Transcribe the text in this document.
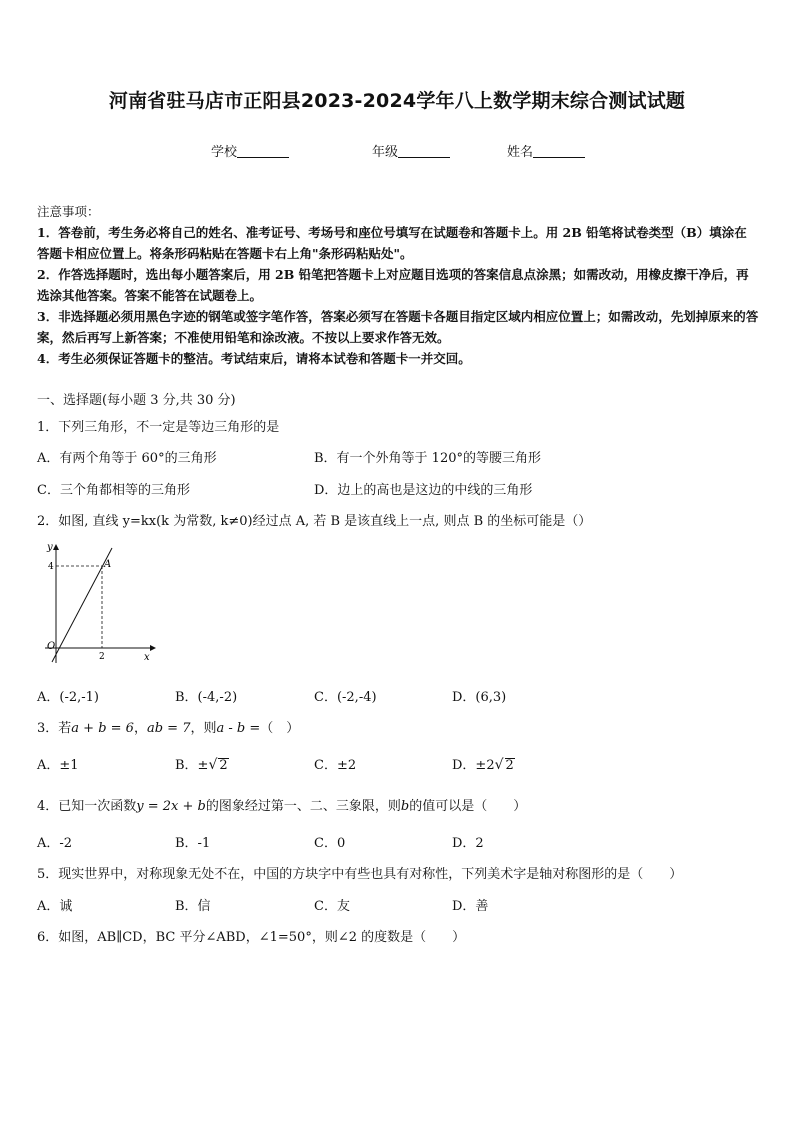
河南省驻马店市正阳县2023-2024学年八上数学期末综合测试试题
学校	年级	姓名

注意事项：

1．答卷前，考生务必将自己的姓名、准考证号、考场号和座位号填写在试题卷和答题卡上。用 2B 铅笔将试卷类型（B）填涂在答题卡相应位置上。将条形码粘贴在答题卡右上角"条形码粘贴处"。

2．作答选择题时，选出每小题答案后，用 2B 铅笔把答题卡上对应题目选项的答案信息点涂黑；如需改动，用橡皮擦干净后，再选涂其他答案。答案不能答在试题卷上。

3．非选择题必须用黑色字迹的钢笔或签字笔作答，答案必须写在答题卡各题目指定区域内相应位置上；如需改动，先划掉原来的答案，然后再写上新答案；不准使用铅笔和涂改液。不按以上要求作答无效。

4．考生必须保证答题卡的整洁。考试结束后，请将本试卷和答题卡一并交回。

一、选择题(每小题 3 分,共 30 分)
1．下列三角形，不一定是等边三角形的是
A．有两个角等于 60°的三角形	B．有一个外角等于 120°的等腰三角形
C．三个角都相等的三角形	D．边上的高也是这边的中线的三角形
2．如图, 直线 y=kx(k 为常数, k≠0)经过点 A, 若 B 是该直线上一点, 则点 B 的坐标可能是（）
y
x
O
A
4
2
A．(-2,-1)	B．(-4,-2)	C．(-2,-4)	D．(6,3)
3．若a + b = 6，ab = 7，则a - b =（　）
A．±1	B．±√ 2	C．±2	D．±2√ 2
4．已知一次函数y = 2x + b的图象经过第一、二、三象限，则b的值可以是（　　）
A．-2	B．-1	C．0	D．2
5．现实世界中，对称现象无处不在，中国的方块字中有些也具有对称性，下列美术字是轴对称图形的是（　　）
A．诚	B．信	C．友	D．善
6．如图，AB∥CD，BC 平分∠ABD，∠1=50°，则∠2 的度数是（　　）
